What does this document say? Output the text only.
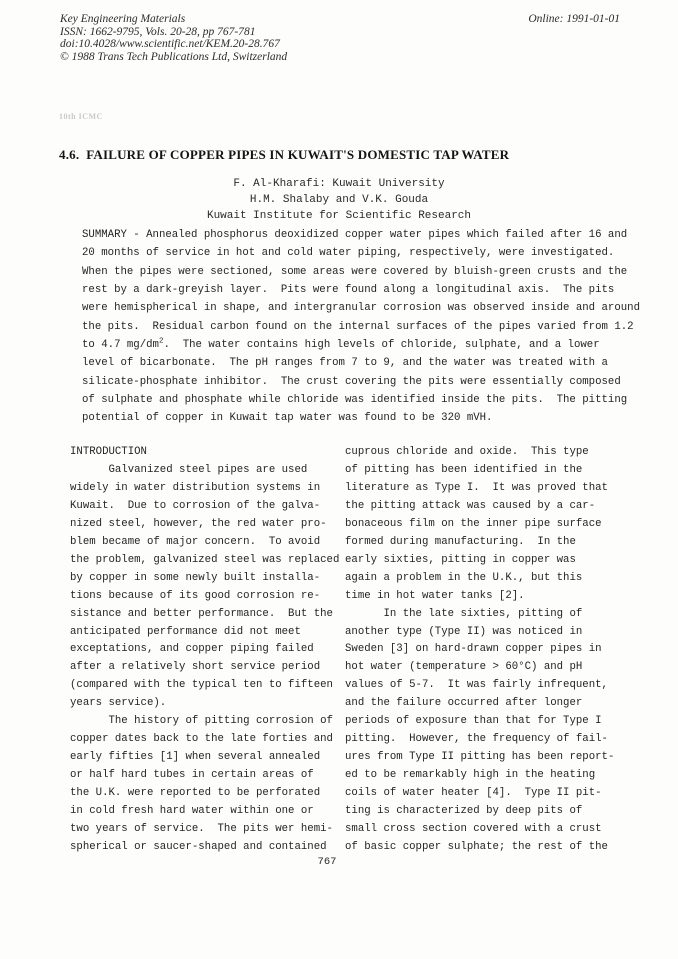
Key Engineering Materials
ISSN: 1662-9795, Vols. 20-28, pp 767-781
doi:10.4028/www.scientific.net/KEM.20-28.767
© 1988 Trans Tech Publications Ltd, Switzerland
Online: 1991-01-01
10th ICMC
4.6.  FAILURE OF COPPER PIPES IN KUWAIT'S DOMESTIC TAP WATER
F. Al-Kharafi: Kuwait University
H.M. Shalaby and V.K. Gouda
Kuwait Institute for Scientific Research
SUMMARY - Annealed phosphorus deoxidized copper water pipes which failed after 16 and
20 months of service in hot and cold water piping, respectively, were investigated.
When the pipes were sectioned, some areas were covered by bluish-green crusts and the
rest by a dark-greyish layer.  Pits were found along a longitudinal axis.  The pits
were hemispherical in shape, and intergranular corrosion was observed inside and around
the pits.  Residual carbon found on the internal surfaces of the pipes varied from 1.2
to 4.7 $mg/dm^2$.  The water contains high levels of chloride, sulphate, and a lower
level of bicarbonate.  The pH ranges from 7 to 9, and the water was treated with a
silicate-phosphate inhibitor.  The crust covering the pits were essentially composed
of sulphate and phosphate while chloride was identified inside the pits.  The pitting
potential of copper in Kuwait tap water was found to be 320 mVH.
INTRODUCTION
Galvanized steel pipes are used
widely in water distribution systems in
Kuwait.  Due to corrosion of the galva-
nized steel, however, the red water pro-
blem became of major concern.  To avoid
the problem, galvanized steel was replaced
by copper in some newly built installa-
tions because of its good corrosion re-
sistance and better performance.  But the
anticipated performance did not meet
exceptations, and copper piping failed
after a relatively short service period
(compared with the typical ten to fifteen
years service).
The history of pitting corrosion of
copper dates back to the late forties and
early fifties [1] when several annealed
or half hard tubes in certain areas of
the U.K. were reported to be perforated
in cold fresh hard water within one or
two years of service.  The pits wer hemi-
spherical or saucer-shaped and contained
cuprous chloride and oxide.  This type
of pitting has been identified in the
literature as Type I.  It was proved that
the pitting attack was caused by a car-
bonaceous film on the inner pipe surface
formed during manufacturing.  In the
early sixties, pitting in copper was
again a problem in the U.K., but this
time in hot water tanks [2].
In the late sixties, pitting of
another type (Type II) was noticed in
Sweden [3] on hard-drawn copper pipes in
hot water (temperature > 60°C) and pH
values of 5-7.  It was fairly infrequent,
and the failure occurred after longer
periods of exposure than that for Type I
pitting.  However, the frequency of fail-
ures from Type II pitting has been report-
ed to be remarkably high in the heating
coils of water heater [4].  Type II pit-
ting is characterized by deep pits of
small cross section covered with a crust
of basic copper sulphate; the rest of the
767
